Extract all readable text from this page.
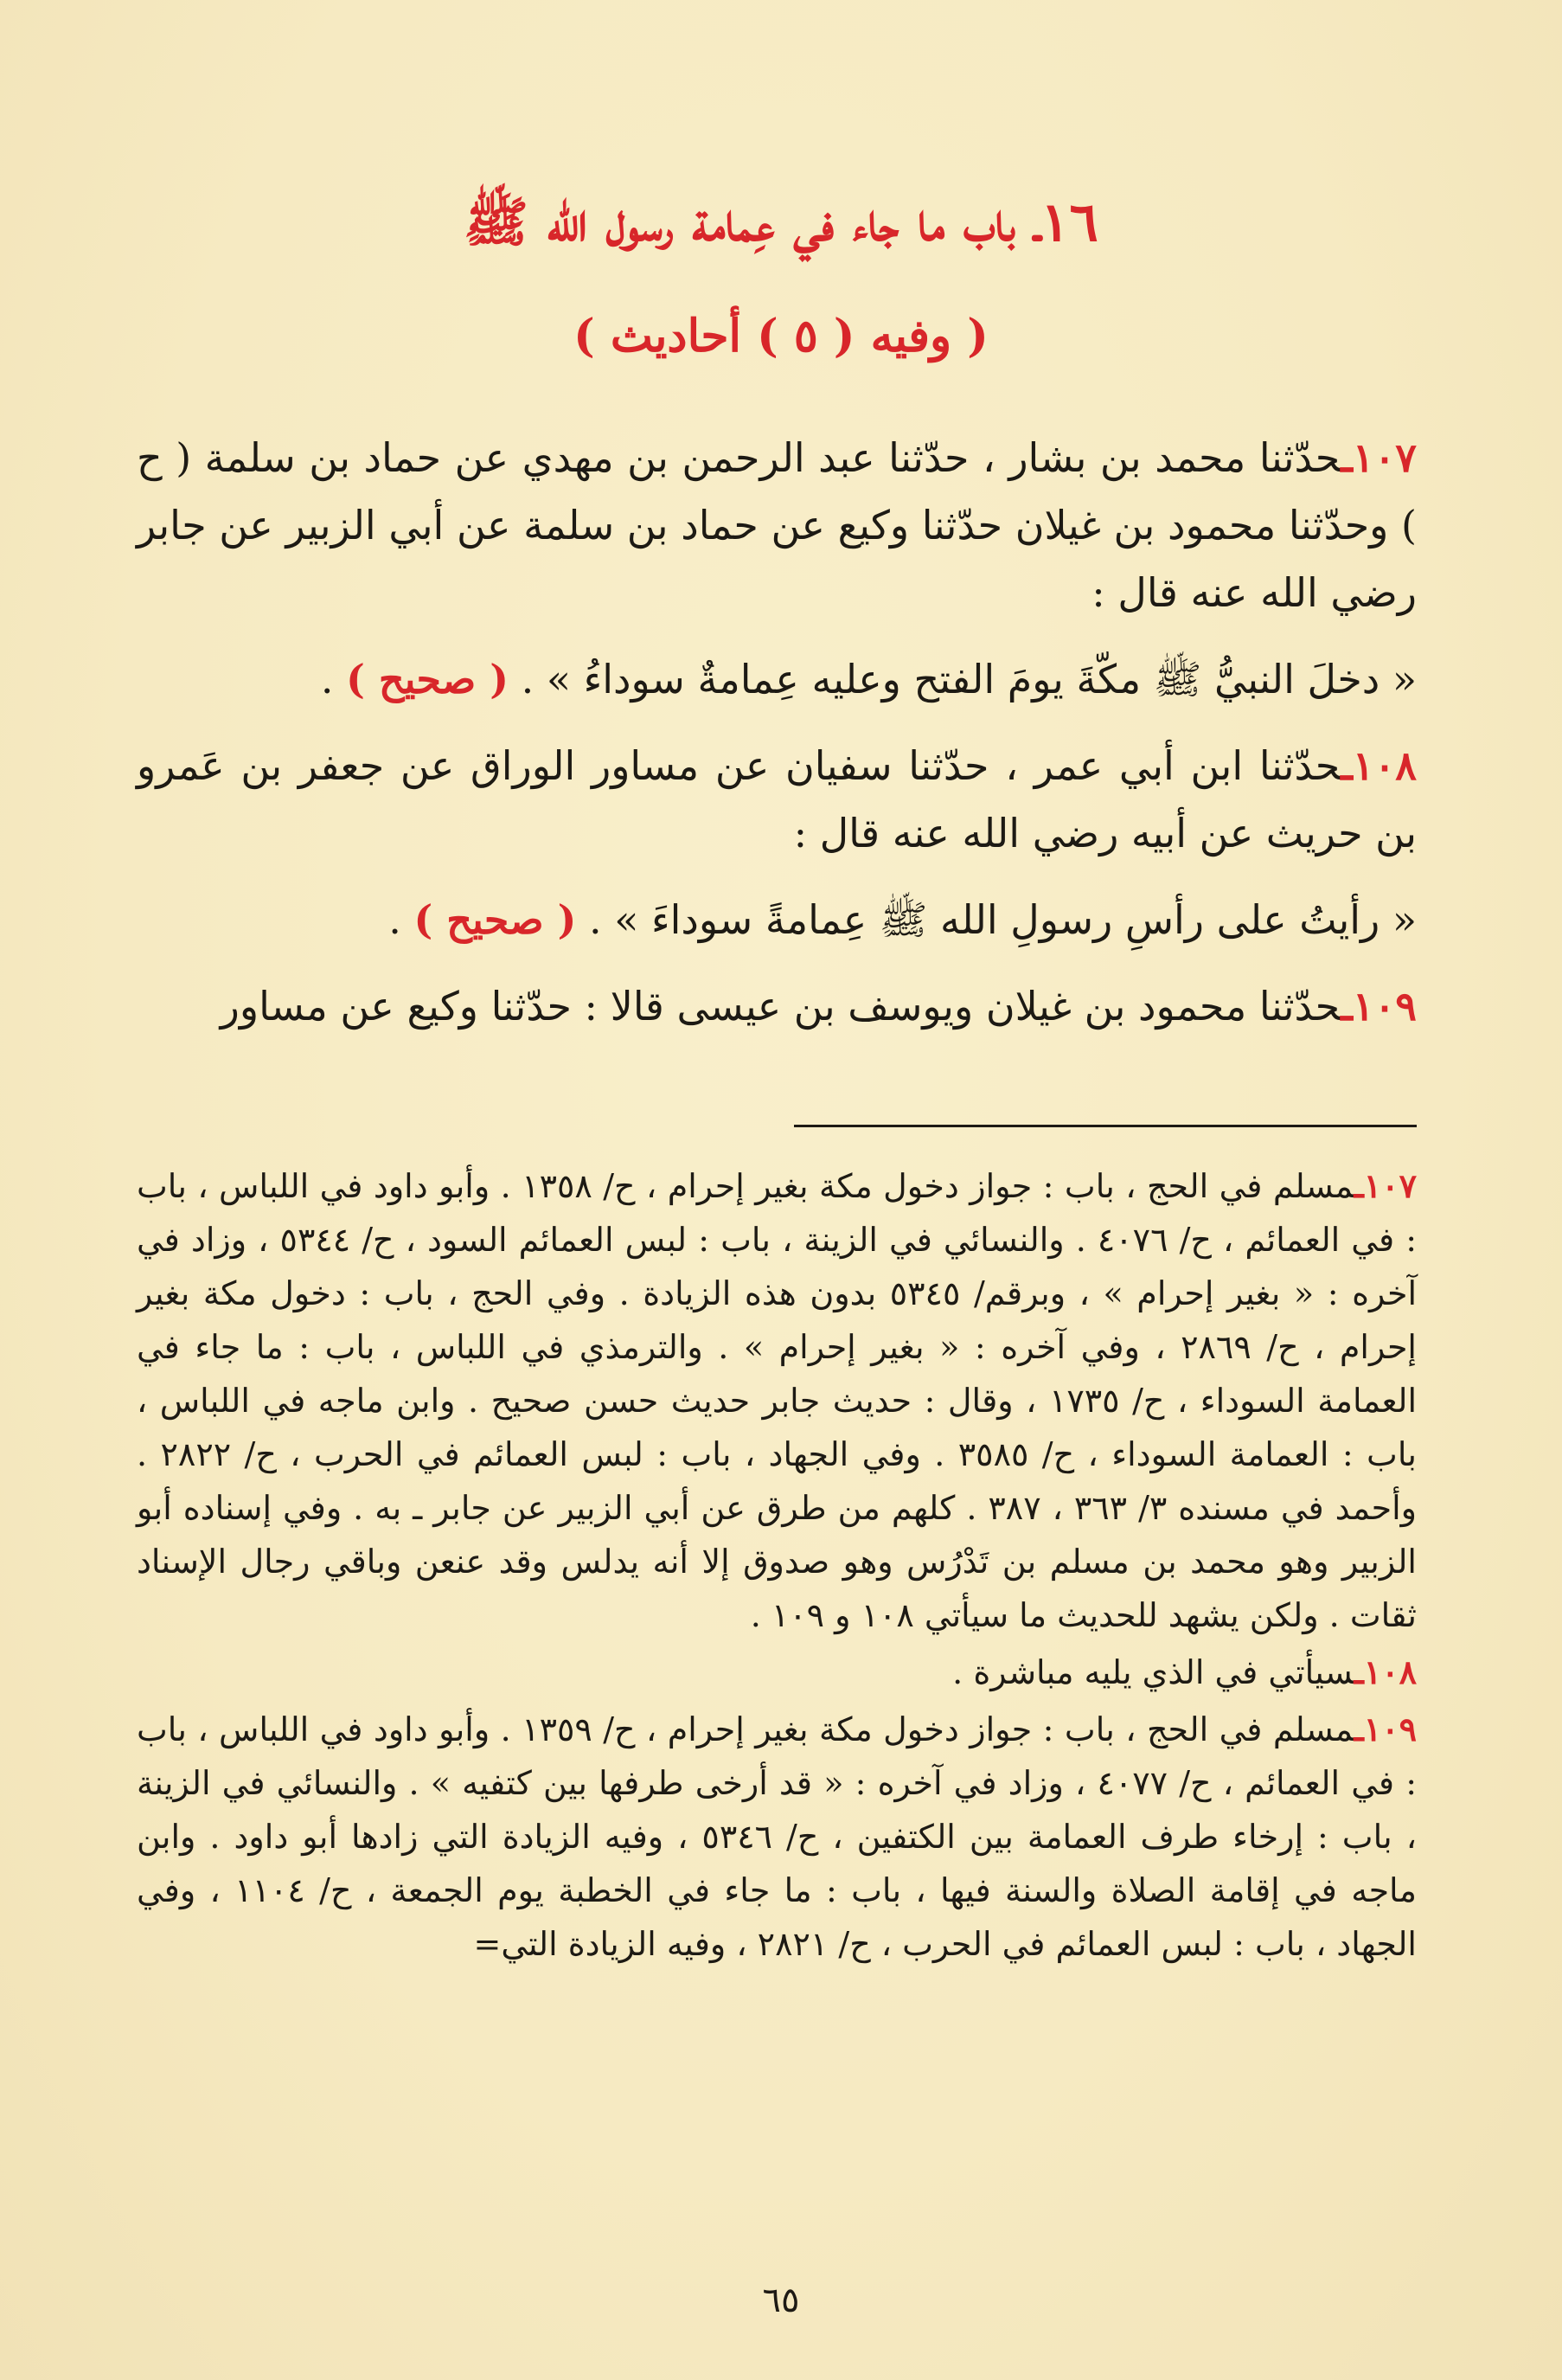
١٦ـ باب ما جاء في عِمامة رسول الله ﷺ
( وفيه ( ٥ ) أحاديث )

١٠٧ـحدّثنا محمد بن بشار ، حدّثنا عبد الرحمن بن مهدي عن حماد بن سلمة ( ح ) وحدّثنا محمود بن غيلان حدّثنا وكيع عن حماد بن سلمة عن أبي الزبير عن جابر رضي الله عنه قال :

« دخلَ النبيُّ ﷺ مكّةَ يومَ الفتح وعليه عِمامةٌ سوداءُ » . ( صحيح ) .

١٠٨ـحدّثنا ابن أبي عمر ، حدّثنا سفيان عن مساور الوراق عن جعفر بن عَمرو بن حريث عن أبيه رضي الله عنه قال :

« رأيتُ على رأسِ رسولِ الله ﷺ عِمامةً سوداءَ » . ( صحيح ) .

١٠٩ـحدّثنا محمود بن غيلان ويوسف بن عيسى قالا : حدّثنا وكيع عن مساور

١٠٧ـمسلم في الحج ، باب : جواز دخول مكة بغير إحرام ، ح/ ١٣٥٨ . وأبو داود في اللباس ، باب : في العمائم ، ح/ ٤٠٧٦ . والنسائي في الزينة ، باب : لبس العمائم السود ، ح/ ٥٣٤٤ ، وزاد في آخره : « بغير إحرام » ، وبرقم/ ٥٣٤٥ بدون هذه الزيادة . وفي الحج ، باب : دخول مكة بغير إحرام ، ح/ ٢٨٦٩ ، وفي آخره : « بغير إحرام » . والترمذي في اللباس ، باب : ما جاء في العمامة السوداء ، ح/ ١٧٣٥ ، وقال : حديث جابر حديث حسن صحيح . وابن ماجه في اللباس ، باب : العمامة السوداء ، ح/ ٣٥٨٥ . وفي الجهاد ، باب : لبس العمائم في الحرب ، ح/ ٢٨٢٢ . وأحمد في مسنده ٣/ ٣٦٣ ، ٣٨٧ . كلهم من طرق عن أبي الزبير عن جابر ـ به . وفي إسناده أبو الزبير وهو محمد بن مسلم بن تَدْرُس وهو صدوق إلا أنه يدلس وقد عنعن وباقي رجال الإسناد ثقات . ولكن يشهد للحديث ما سيأتي ١٠٨ و ١٠٩ .

١٠٨ـسيأتي في الذي يليه مباشرة .

١٠٩ـمسلم في الحج ، باب : جواز دخول مكة بغير إحرام ، ح/ ١٣٥٩ . وأبو داود في اللباس ، باب : في العمائم ، ح/ ٤٠٧٧ ، وزاد في آخره : « قد أرخى طرفها بين كتفيه » . والنسائي في الزينة ، باب : إرخاء طرف العمامة بين الكتفين ، ح/ ٥٣٤٦ ، وفيه الزيادة التي زادها أبو داود . وابن ماجه في إقامة الصلاة والسنة فيها ، باب : ما جاء في الخطبة يوم الجمعة ، ح/ ١١٠٤ ، وفي الجهاد ، باب : لبس العمائم في الحرب ، ح/ ٢٨٢١ ، وفيه الزيادة التي=

٦٥
